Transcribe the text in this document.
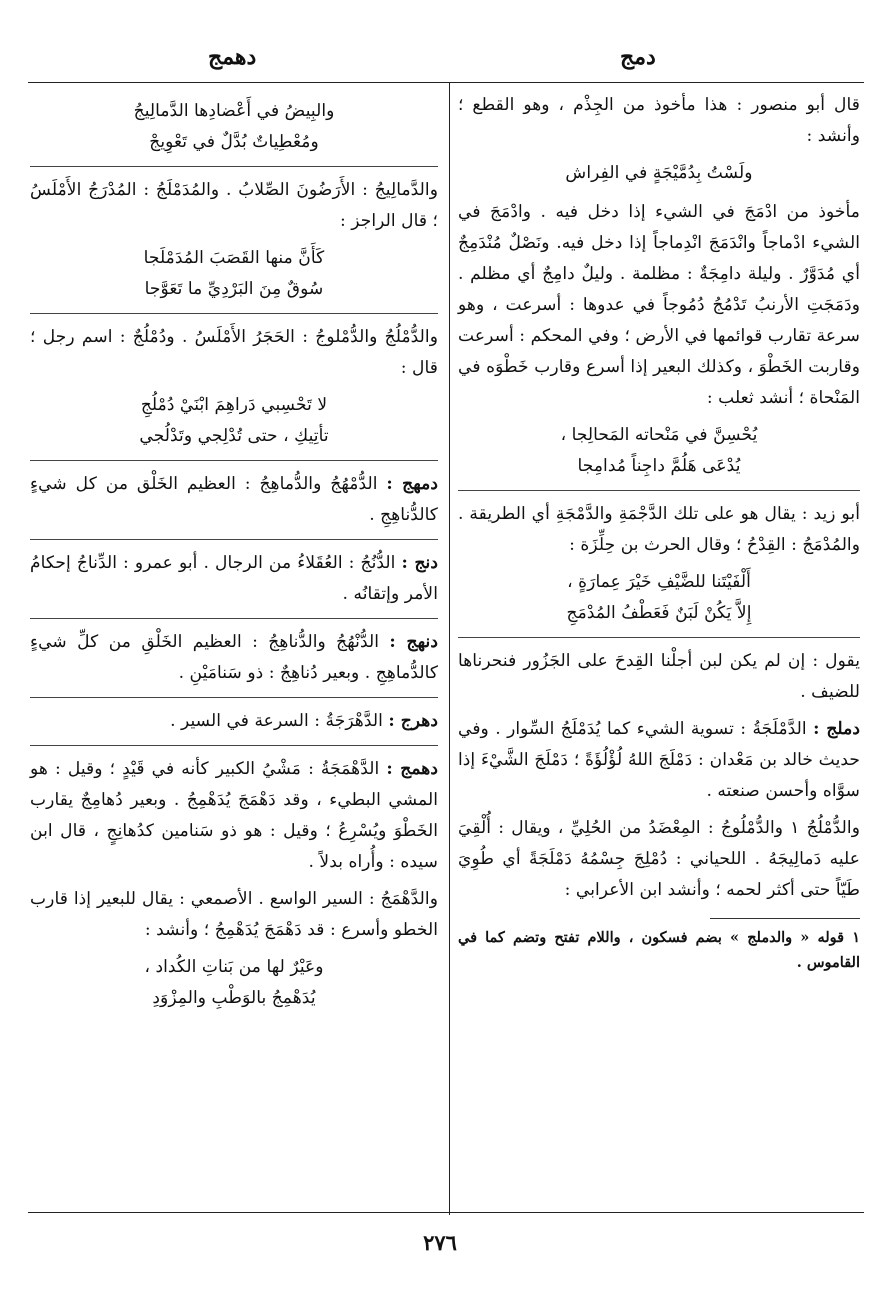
دمج
دهمج

قال أبو منصور : هذا مأخوذ من الجِذْم ، وهو القطع ؛ وأنشد :

ولَسْتُ بِدُمَّيْجَةٍ في الفِراش

مأخوذ من ادْمَجَ في الشيء إذا دخل فيه . وادْمَجَ في الشيء ادْماجاً وانْدَمَجَ انْدِماجاً إذا دخل فيه. ونَصْلٌ مُنْدَمِجٌ أي مُدَوَّرٌ . وليلة دامِجَةٌ : مظلمة . وليلٌ دامِجٌ أي مظلم . ودَمَجَتِ الأرنبُ تَدْمُجُ دُمُوجاً في عدوها : أسرعت ، وهو سرعة تقارب قوائمها في الأرض ؛ وفي المحكم : أسرعت وقاربت الخَطْوَ ، وكذلك البعير إذا أسرع وقارب خَطْوَه في المَنْحاة ؛ أنشد ثعلب :

يُحْسِنَّ في مَنْحاته المَحالِجا ،
يُدْعَى هَلُمَّ داجِناً مُدامِجا

أبو زيد : يقال هو على تلك الدَّجْمَةِ والدَّمْجَةِ أي الطريقة . والمُدْمَجُ : القِدْحُ ؛ وقال الحرث بن حِلِّزَة :

أَلْفَيْتَنا للضَّيْفِ خَيْرَ عِمارَةٍ ،
إِلاَّ يَكُنْ لَبَنٌ فَعَطْفُ المُدْمَجِ

يقول : إن لم يكن لبن أجلْنا القِدحَ على الجَزُور فنحرناها للضيف .

دملج : الدَّمْلَجَةُ : تسوية الشيء كما يُدَمْلَجُ السِّوار . وفي حديث خالد بن مَعْدان : دَمْلَجَ اللهُ لُؤْلُؤَةً ؛ دَمْلَجَ الشَّيْءَ إذا سوَّاه وأحسن صنعته .

والدُّمْلُجُ ١ والدُّمْلُوجُ : المِعْضَدُ من الحُلِيِّ ، ويقال : أُلْقِيَ عليه دَمالِيجَهُ . اللحياني : دُمْلِجَ جِسْمُهُ دَمْلَجَةً أي طُوِيَ طَيّاً حتى أكثر لحمه ؛ وأنشد ابن الأعرابي :

١ قوله « والدملج » بضم فسكون ، واللام تفتح وتضم كما في القاموس .

والبِيضُ في أَعْضادِها الدَّمالِيجُ
ومُعْطِياتٌ بُدَّلٌ في تَعْوِيجْ

والدَّمالِيجُ : الأَرَضُونَ الصِّلابُ . والمُدَمْلَجُ : المُدْرَجُ الأَمْلَسُ ؛ قال الراجز :

كَأَنَّ منها القَصَبَ المُدَمْلَجا
سُوقٌ مِنَ البَرْدِيِّ ما تَعَوَّجا

والدُّمْلُجُ والدُّمْلوجُ : الحَجَرُ الأَمْلَسُ . ودُمْلُجٌ : اسم رجل ؛ قال :

لا تَحْسِبي دَراهِمَ ابْنَيْ دُمْلُجِ
تأتِيكِ ، حتى تُدْلِجي وتَدْلُجي

دمهج : الدُّمْهُجُ والدُّماهِجُ : العظيم الخَلْق من كل شيءٍ كالدُّناهِجِ .

دنج : الدُّنُجُ : العُقَلاءُ من الرجال . أبو عمرو : الدِّناجُ إحكامُ الأمر وإتقانُه .

دنهج : الدُّنْهُجُ والدُّناهِجُ : العظيم الخَلْقِ من كلِّ شيءٍ كالدُّماهِجِ . وبعير دُناهِجٌ : ذو سَنامَيْنِ .

دهرج : الدَّهْرَجَةُ : السرعة في السير .

دهمج : الدَّهْمَجَةُ : مَشْيُ الكبير كأنه في قَيْدٍ ؛ وقيل : هو المشي البطيء ، وقد دَهْمَجَ يُدَهْمِجُ . وبعير دُهامِجٌ يقارب الخَطْوَ ويُسْرِعُ ؛ وقيل : هو ذو سَنامين كدُهانِجٍ ، قال ابن سيده : وأُراه بدلاً .

والدَّهْمَجُ : السير الواسع . الأصمعي : يقال للبعير إذا قارب الخطو وأسرع : قد دَهْمَجَ يُدَهْمِجُ ؛ وأنشد :

وعَيْرٌ لها من بَناتِ الكُداد ،
يُدَهْمِجُ بالوَطْبِ والمِزْوَدِ
٢٧٦
